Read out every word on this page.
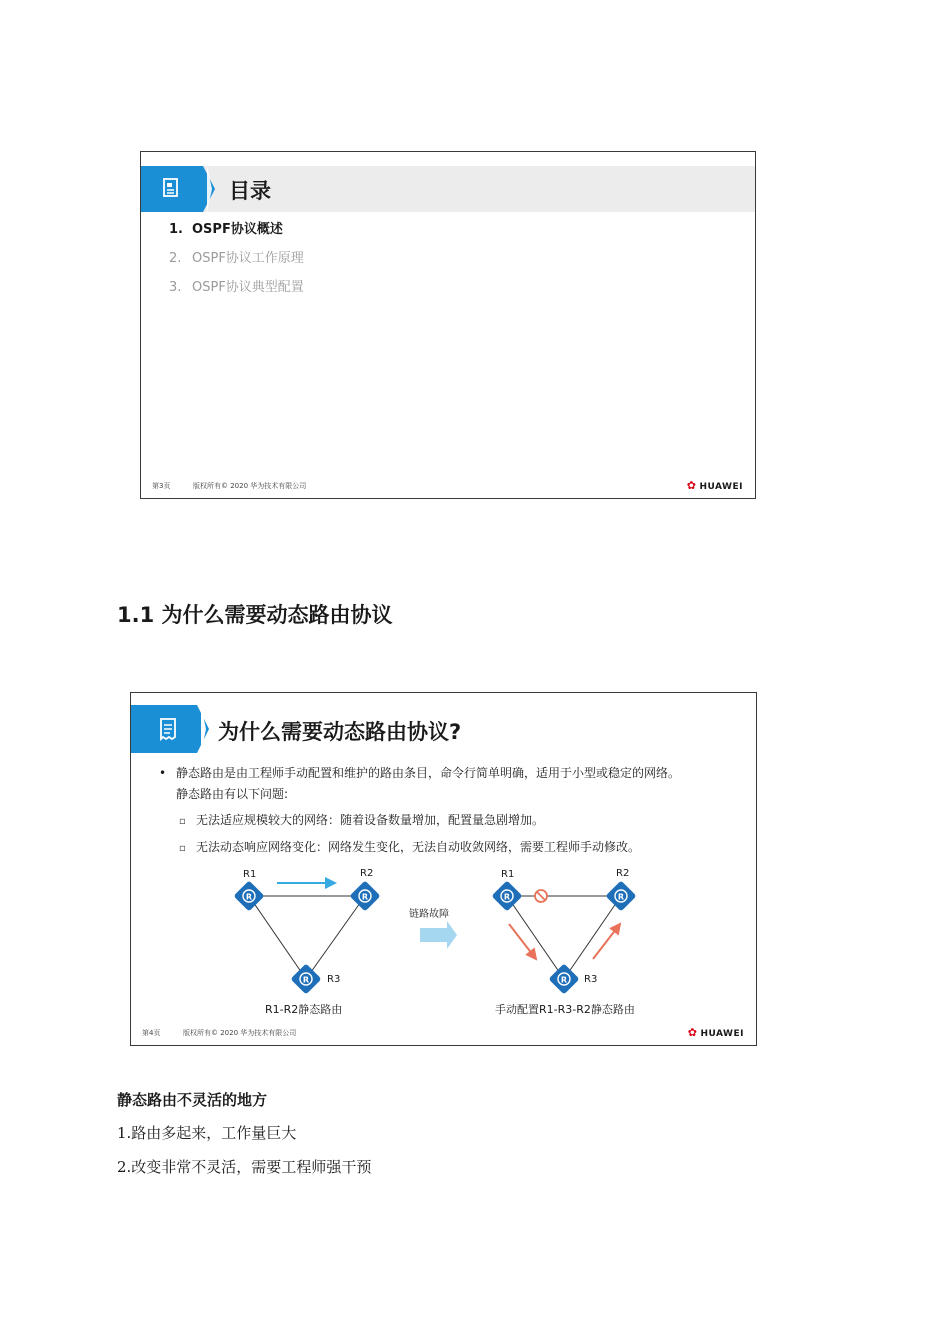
目录
1. OSPF协议概述
2. OSPF协议工作原理
3. OSPF协议典型配置
第3页	版权所有© 2020 华为技术有限公司	✿ HUAWEI
1.1 为什么需要动态路由协议
为什么需要动态路由协议?
• 静态路由是由工程师手动配置和维护的路由条目，命令行简单明确，适用于小型或稳定的网络。
静态路由有以下问题:
▫ 无法适应规模较大的网络：随着设备数量增加，配置量急剧增加。
▫ 无法动态响应网络变化：网络发生变化，无法自动收敛网络，需要工程师手动修改。
R
R1	R2
R3
R1-R2静态路由
链路故障
R1	R2
R3
手动配置R1-R3-R2静态路由
第4页	版权所有© 2020 华为技术有限公司	✿ HUAWEI
静态路由不灵活的地方
1.路由多起来，工作量巨大
2.改变非常不灵活，需要工程师强干预
